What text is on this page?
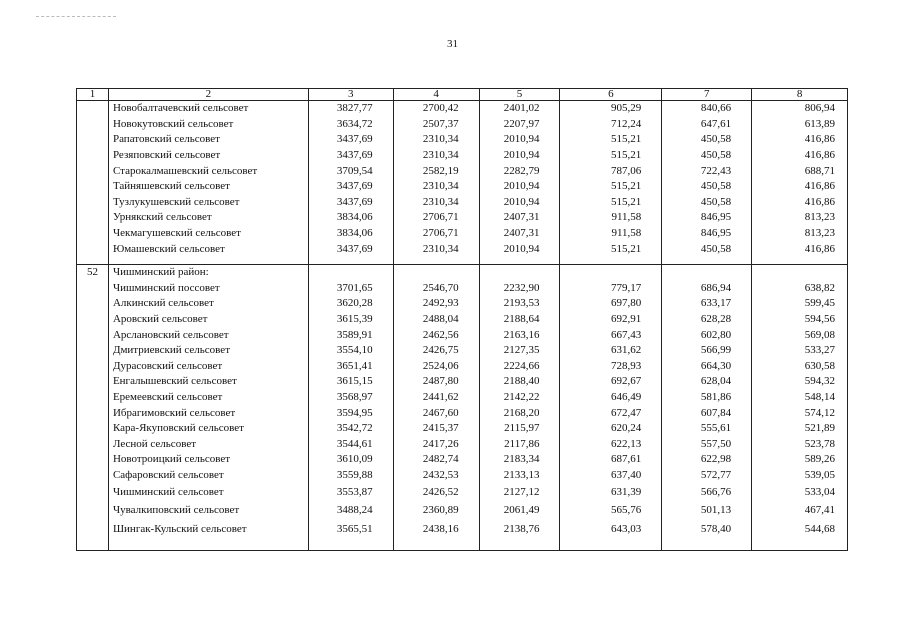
31
1	2	3	4	5	6	7	8
	Новобалтачевский сельсовет	3827,77	2700,42	2401,02	905,29	840,66	806,94
	Новокутовский сельсовет	3634,72	2507,37	2207,97	712,24	647,61	613,89
	Рапатовский сельсовет	3437,69	2310,34	2010,94	515,21	450,58	416,86
	Резяповский сельсовет	3437,69	2310,34	2010,94	515,21	450,58	416,86
	Старокалмашевский сельсовет	3709,54	2582,19	2282,79	787,06	722,43	688,71
	Тайняшевский сельсовет	3437,69	2310,34	2010,94	515,21	450,58	416,86
	Тузлукушевский сельсовет	3437,69	2310,34	2010,94	515,21	450,58	416,86
	Урнякский сельсовет	3834,06	2706,71	2407,31	911,58	846,95	813,23
	Чекмагушевский сельсовет	3834,06	2706,71	2407,31	911,58	846,95	813,23
	Юмашевский сельсовет	3437,69	2310,34	2010,94	515,21	450,58	416,86

52	Чишминский район:						
	Чишминский поссовет	3701,65	2546,70	2232,90	779,17	686,94	638,82
	Алкинский сельсовет	3620,28	2492,93	2193,53	697,80	633,17	599,45
	Аровский сельсовет	3615,39	2488,04	2188,64	692,91	628,28	594,56
	Арслановский сельсовет	3589,91	2462,56	2163,16	667,43	602,80	569,08
	Дмитриевский сельсовет	3554,10	2426,75	2127,35	631,62	566,99	533,27
	Дурасовский сельсовет	3651,41	2524,06	2224,66	728,93	664,30	630,58
	Енгалышевский сельсовет	3615,15	2487,80	2188,40	692,67	628,04	594,32
	Еремеевский сельсовет	3568,97	2441,62	2142,22	646,49	581,86	548,14
	Ибрагимовский сельсовет	3594,95	2467,60	2168,20	672,47	607,84	574,12
	Кара-Якуповский сельсовет	3542,72	2415,37	2115,97	620,24	555,61	521,89
	Лесной сельсовет	3544,61	2417,26	2117,86	622,13	557,50	523,78
	Новотроицкий сельсовет	3610,09	2482,74	2183,34	687,61	622,98	589,26
	Сафаровский сельсовет	3559,88	2432,53	2133,13	637,40	572,77	539,05
	Чишминский сельсовет	3553,87	2426,52	2127,12	631,39	566,76	533,04
	Чувалкиповский сельсовет	3488,24	2360,89	2061,49	565,76	501,13	467,41
	Шингак-Кульский сельсовет	3565,51	2438,16	2138,76	643,03	578,40	544,68
